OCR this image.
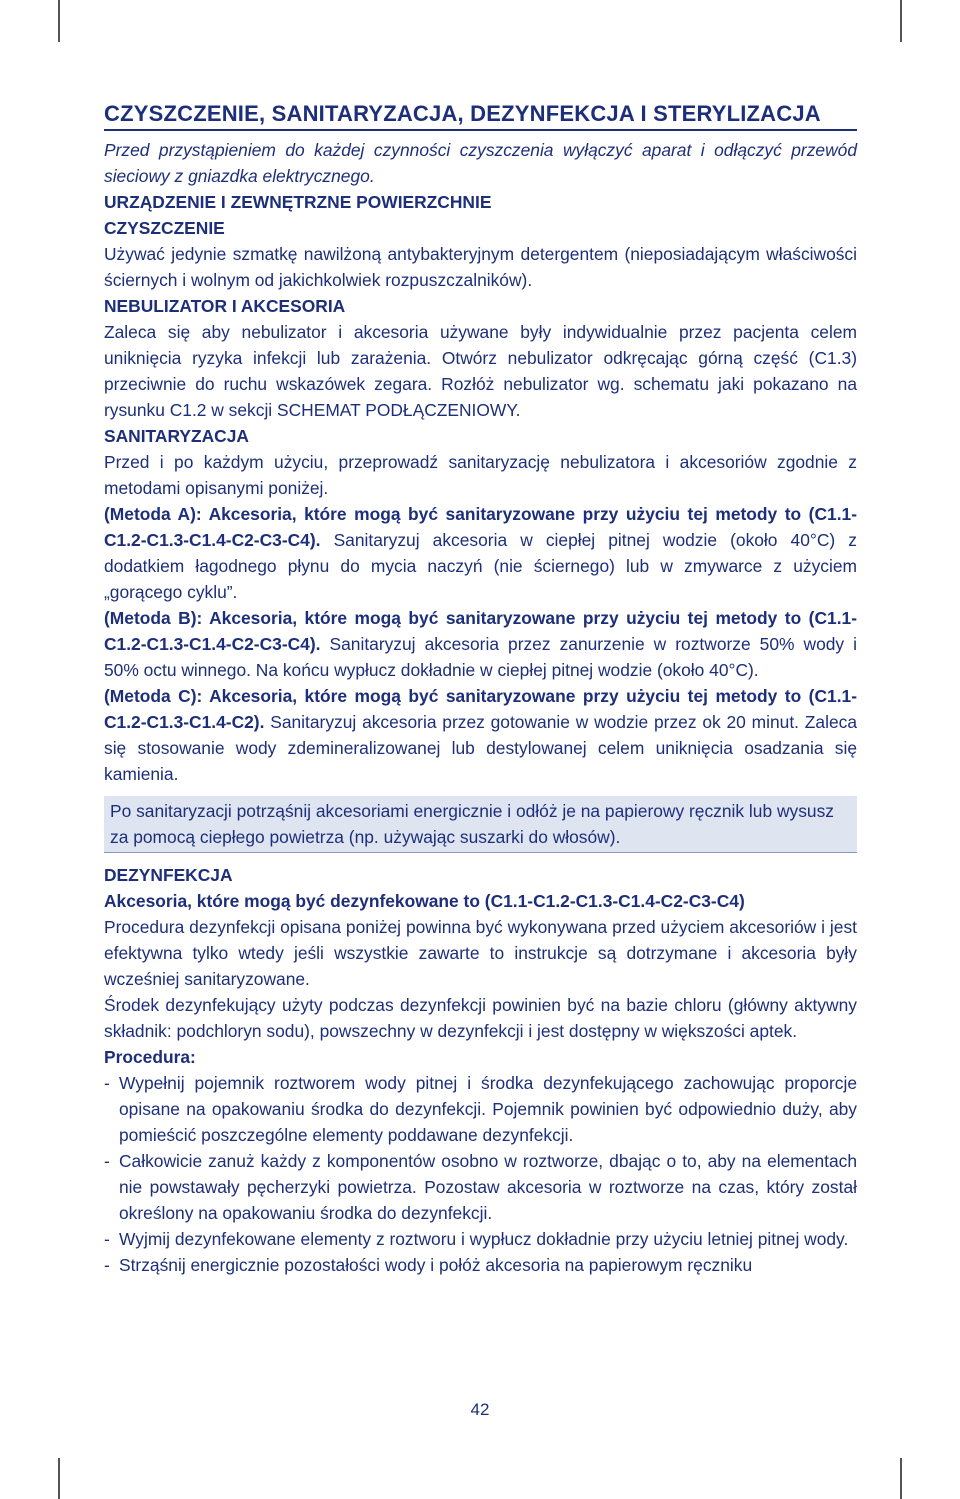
CZYSZCZENIE, SANITARYZACJA, DEZYNFEKCJA I STERYLIZACJA

Przed przystąpieniem do każdej czynności czyszczenia wyłączyć aparat i odłączyć przewód sieciowy z gniazdka elektrycznego.

URZĄDZENIE I ZEWNĘTRZNE POWIERZCHNIE

CZYSZCZENIE

Używać jedynie szmatkę nawilżoną antybakteryjnym detergentem (nieposiadającym właściwości ściernych i wolnym od jakichkolwiek rozpuszczalników).

NEBULIZATOR I AKCESORIA

Zaleca się aby nebulizator i akcesoria używane były indywidualnie przez pacjenta celem uniknięcia ryzyka infekcji lub zarażenia. Otwórz nebulizator odkręcając górną część (C1.3) przeciwnie do ruchu wskazówek zegara. Rozłóż nebulizator wg. schematu jaki pokazano na rysunku C1.2 w sekcji SCHEMAT PODŁĄCZENIOWY.

SANITARYZACJA

Przed i po każdym użyciu, przeprowadź sanitaryzację nebulizatora i akcesoriów zgodnie z metodami opisanymi poniżej.

(Metoda A): Akcesoria, które mogą być sanitaryzowane przy użyciu tej metody to (C1.1-C1.2-C1.3-C1.4-C2-C3-C4). Sanitaryzuj akcesoria w ciepłej pitnej wodzie (około 40°C) z dodatkiem łagodnego płynu do mycia naczyń (nie ściernego) lub w zmywarce z użyciem „gorącego cyklu”.

(Metoda B): Akcesoria, które mogą być sanitaryzowane przy użyciu tej metody to (C1.1-C1.2-C1.3-C1.4-C2-C3-C4). Sanitaryzuj akcesoria przez zanurzenie w roztworze 50% wody i 50% octu winnego. Na końcu wypłucz dokładnie w ciepłej pitnej wodzie (około 40°C).

(Metoda C): Akcesoria, które mogą być sanitaryzowane przy użyciu tej metody to (C1.1-C1.2-C1.3-C1.4-C2). Sanitaryzuj akcesoria przez gotowanie w wodzie przez ok 20 minut. Zaleca się stosowanie wody zdemineralizowanej lub destylowanej celem uniknięcia osadzania się kamienia.

Po sanitaryzacji potrząśnij akcesoriami energicznie i odłóż je na papierowy ręcznik lub wysusz za pomocą ciepłego powietrza (np. używając suszarki do włosów).

DEZYNFEKCJA

Akcesoria, które mogą być dezynfekowane to (C1.1-C1.2-C1.3-C1.4-C2-C3-C4)

Procedura dezynfekcji opisana poniżej powinna być wykonywana przed użyciem akcesoriów i jest efektywna tylko wtedy jeśli wszystkie zawarte to instrukcje są dotrzymane i akcesoria były wcześniej sanitaryzowane.

Środek dezynfekujący użyty podczas dezynfekcji powinien być na bazie chloru (główny aktywny składnik: podchloryn sodu), powszechny w dezynfekcji i jest dostępny w większości aptek.

Procedura:

- Wypełnij pojemnik roztworem wody pitnej i środka dezynfekującego zachowując proporcje opisane na opakowaniu środka do dezynfekcji. Pojemnik powinien być odpowiednio duży, aby pomieścić poszczególne elementy poddawane dezynfekcji.
- Całkowicie zanuż każdy z komponentów osobno w roztworze, dbając o to, aby na elementach nie powstawały pęcherzyki powietrza. Pozostaw akcesoria w roztworze na czas, który został określony na opakowaniu środka do dezynfekcji.
- Wyjmij dezynfekowane elementy z roztworu i wypłucz dokładnie przy użyciu letniej pitnej wody.
- Strząśnij energicznie pozostałości wody i połóż akcesoria na papierowym ręczniku
42
